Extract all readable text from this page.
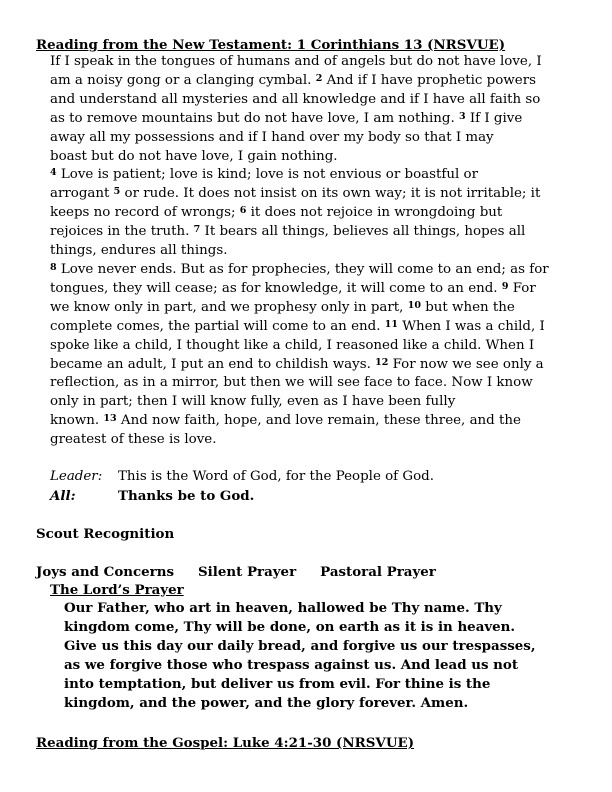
Reading from the New Testament: 1 Corinthians 13 (NRSVUE)
If I speak in the tongues of humans and of angels but do not have love, I
am a noisy gong or a clanging cymbal. $^2$ And if I have prophetic powers
and understand all mysteries and all knowledge and if I have all faith so
as to remove mountains but do not have love, I am nothing. $^3$ If I give
away all my possessions and if I hand over my body so that I may
boast but do not have love, I gain nothing.
$^4$ Love is patient; love is kind; love is not envious or boastful or
arrogant $^5$ or rude. It does not insist on its own way; it is not irritable; it
keeps no record of wrongs; $^6$ it does not rejoice in wrongdoing but
rejoices in the truth. $^7$ It bears all things, believes all things, hopes all
things, endures all things.
$^8$ Love never ends. But as for prophecies, they will come to an end; as for
tongues, they will cease; as for knowledge, it will come to an end. $^9$ For
we know only in part, and we prophesy only in part, $^{10}$ but when the
complete comes, the partial will come to an end. $^{11}$ When I was a child, I
spoke like a child, I thought like a child, I reasoned like a child. When I
became an adult, I put an end to childish ways. $^{12}$ For now we see only a
reflection, as in a mirror, but then we will see face to face. Now I know
only in part; then I will know fully, even as I have been fully
known. $^{13}$ And now faith, hope, and love remain, these three, and the
greatest of these is love.
Leader: This is the Word of God, for the People of God.
All:	Thanks be to God.
Scout Recognition
Joys and Concerns Silent Prayer Pastoral Prayer
The Lord’s Prayer
Our Father, who art in heaven, hallowed be Thy name. Thy
kingdom come, Thy will be done, on earth as it is in heaven.
Give us this day our daily bread, and forgive us our trespasses,
as we forgive those who trespass against us. And lead us not
into temptation, but deliver us from evil. For thine is the
kingdom, and the power, and the glory forever. Amen.
Reading from the Gospel: Luke 4:21-30 (NRSVUE)
